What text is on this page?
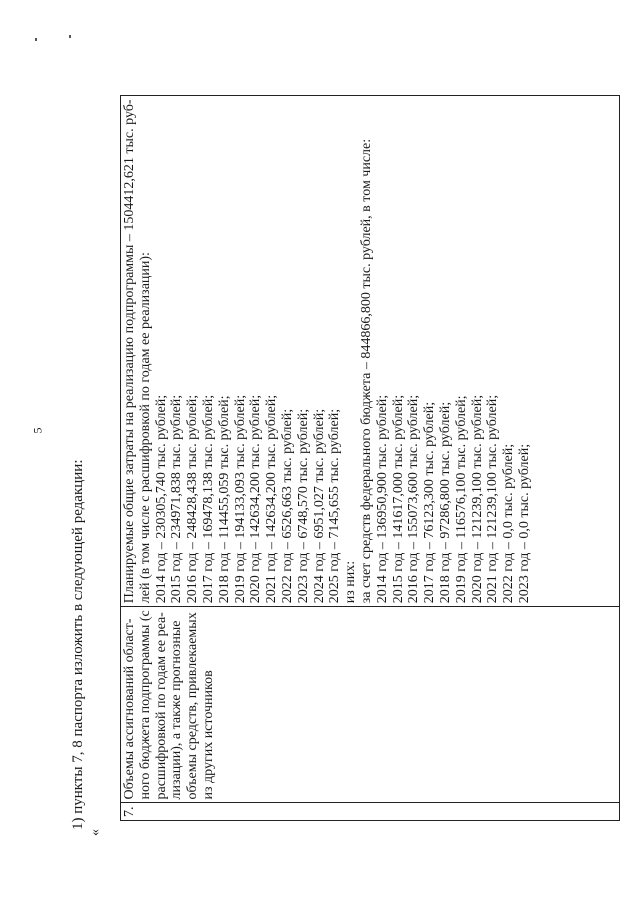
5
1) пункты 7, 8 паспорта изложить в следующей редакции:
«
7.	
Объемы ассигнований област- ного бюджета подпрограммы (с расшифровкой по годам ее реа- лизации), а также прогнозные объемы средств, привлекаемых из других источников

Планируемые общие затраты на реализацию подпрограммы – 1504412,621 тыс. руб- лей (в том числе с расшифровкой по годам ее реализации): 2014 год – 230305,740 тыс. рублей; 2015 год – 234971,838 тыс. рублей; 2016 год – 248428,438 тыс. рублей; 2017 год – 169478,138 тыс. рублей; 2018 год – 114455,059 тыс. рублей; 2019 год – 194133,093 тыс. рублей; 2020 год – 142634,200 тыс. рублей; 2021 год – 142634,200 тыс. рублей; 2022 год – 6526,663 тыс. рублей; 2023 год – 6748,570 тыс. рублей; 2024 год – 6951,027 тыс. рублей; 2025 год – 7145,655 тыс. рублей; из них: за счет средств федерального бюджета – 844866,800 тыс. рублей, в том числе: 2014 год – 136950,900 тыс. рублей; 2015 год – 141617,000 тыс. рублей; 2016 год – 155073,600 тыс. рублей; 2017 год – 76123,300 тыс. рублей; 2018 год – 97286,800 тыс. рублей; 2019 год – 116576,100 тыс. рублей; 2020 год – 121239,100 тыс. рублей; 2021 год – 121239,100 тыс. рублей; 2022 год – 0,0 тыс. рублей; 2023 год – 0,0 тыс. рублей;
